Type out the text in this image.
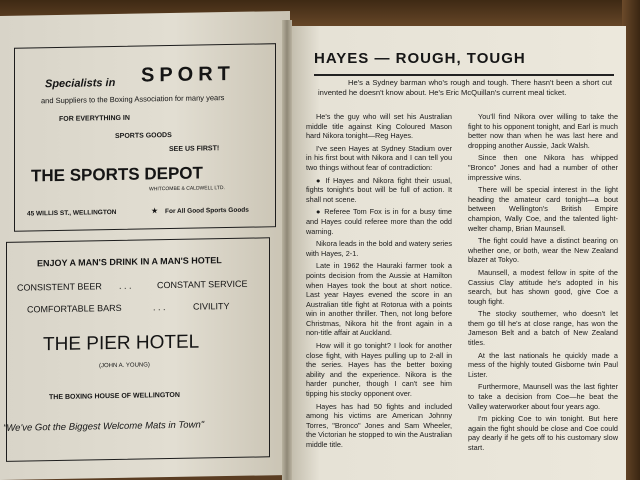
Specialists in SPORT
and Suppliers to the Boxing Association for many years
FOR EVERYTHING IN
SPORTS GOODS
SEE US FIRST!
THE SPORTS DEPOT
WHITCOMBE & CALDWELL LTD.
45 WILLIS ST., WELLINGTON	★ For All Good Sports Goods
ENJOY A MAN'S DRINK IN A MAN'S HOTEL
CONSISTENT BEER . . .	CONSTANT SERVICE
COMFORTABLE BARS	. . .	CIVILITY
THE PIER HOTEL
(JOHN A. YOUNG)
THE BOXING HOUSE OF WELLINGTON
"We've Got the Biggest Welcome Mats in Town"
HAYES — ROUGH, TOUGH

He's a Sydney barman who's rough and tough. There hasn't been a short cut invented he doesn't know about. He's Eric McQuillan's current meal ticket.

He's the guy who will set his Australian middle title against King Coloured Mason hard Nikora tonight—Reg Hayes.

I've seen Hayes at Sydney Stadium over in his first bout with Nikora and I can tell you two things without fear of contradiction:

● If Hayes and Nikora fight their usual, fights tonight's bout will be full of action. It shall not scene.

● Referee Tom Fox is in for a busy time and Hayes could referee more than the odd warning.

Nikora leads in the bold and watery series with Hayes, 2-1.

Late in 1962 the Hauraki farmer took a points decision from the Aussie at Hamilton when Hayes took the bout at short notice. Last year Hayes evened the score in an Australian title fight at Rotorua with a points win in another thriller. Then, not long before Christmas, Nikora hit the front again in a non-title affair at Auckland.

How will it go tonight? I look for another close fight, with Hayes pulling up to 2-all in the series. Hayes has the better boxing ability and the experience. Nikora is the harder puncher, though I can't see him tipping his stocky opponent over.

Hayes has had 50 fights and included among his victims are American Johnny Torres, "Bronco" Jones and Sam Wheeler, the Victorian he stopped to win the Australian middle title.

You'll find Nikora over willing to take the fight to his opponent tonight, and Earl is much better now than when he was last here and dropping another Aussie, Jack Walsh.

Since then one Nikora has whipped "Bronco" Jones and had a number of other impressive wins.

There will be special interest in the light heading the amateur card tonight—a bout between Wellington's British Empire champion, Wally Coe, and the talented light-welter champ, Brian Maunsell.

The fight could have a distinct bearing on whether one, or both, wear the New Zealand blazer at Tokyo.

Maunsell, a modest fellow in spite of the Cassius Clay attitude he's adopted in his search, but has shown good, give Coe a tough fight.

The stocky southerner, who doesn't let them go till he's at close range, has won the Jameson Belt and a batch of New Zealand titles.

At the last nationals he quickly made a mess of the highly touted Gisborne twin Paul Lister.

Furthermore, Maunsell was the last fighter to take a decision from Coe—he beat the Valley waterworker about four years ago.

I'm picking Coe to win tonight. But here again the fight should be close and Coe could pay dearly if he gets off to his customary slow start.
